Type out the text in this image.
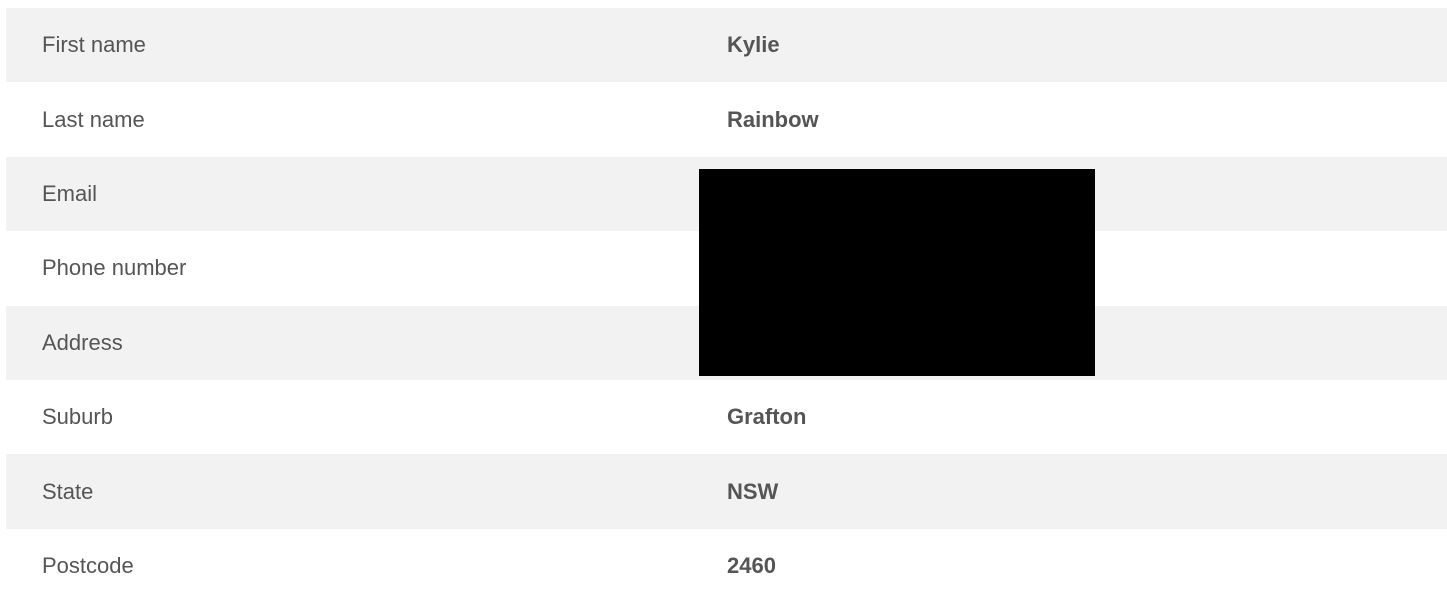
First name	Kylie
Last name	Rainbow
Email
Phone number
Address
Suburb	Grafton
State	NSW
Postcode	2460
